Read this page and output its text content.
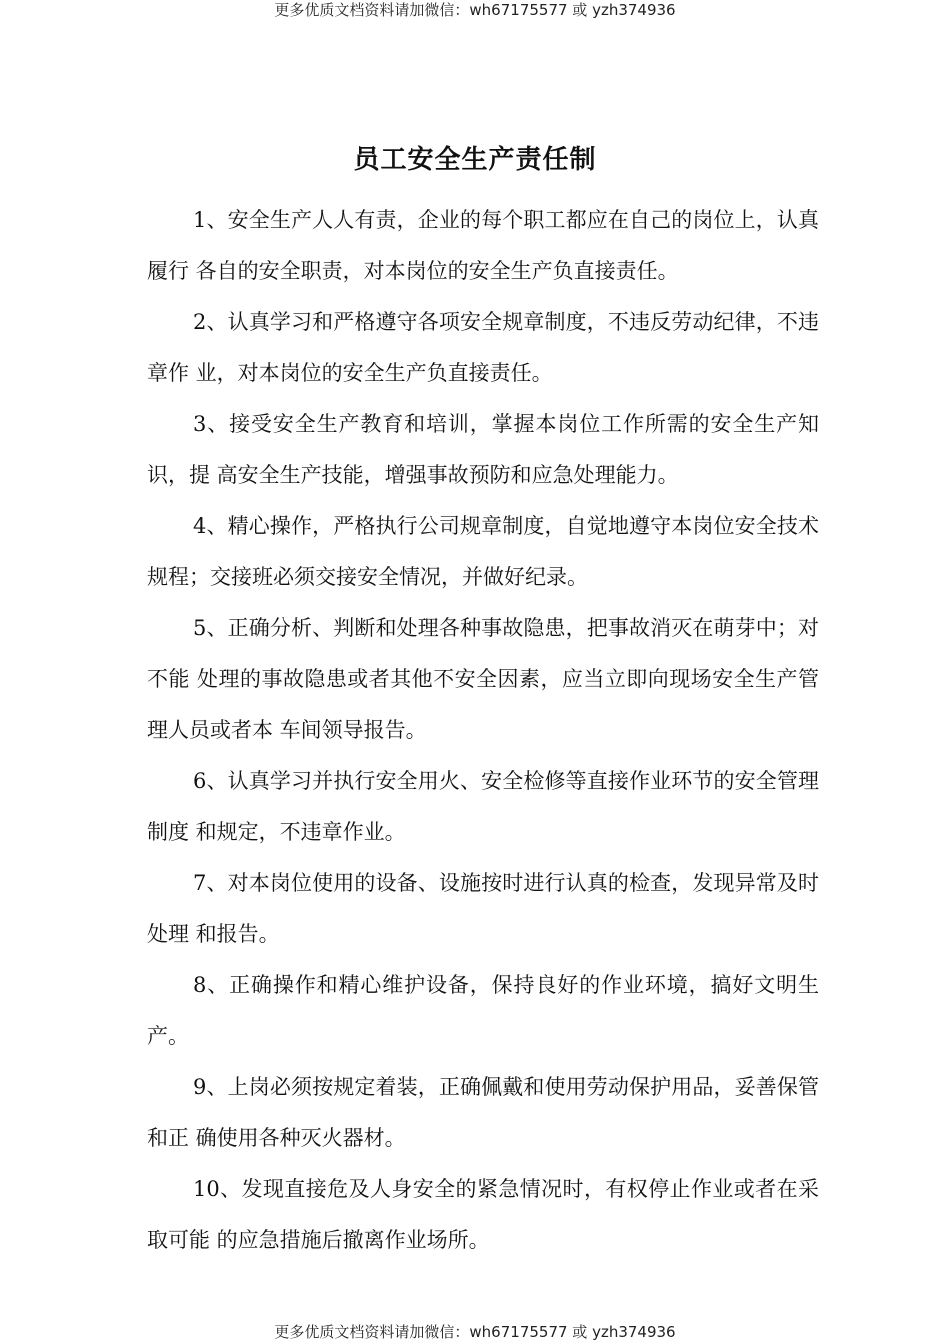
更多优质文档资料请加微信：wh67175577 或 yzh374936
员工安全生产责任制

1、安全生产人人有责，企业的每个职工都应在自己的岗位上，认真履行 各自的安全职责，对本岗位的安全生产负直接责任。

2、认真学习和严格遵守各项安全规章制度，不违反劳动纪律，不违章作 业，对本岗位的安全生产负直接责任。

3、接受安全生产教育和培训，掌握本岗位工作所需的安全生产知识，提 高安全生产技能，增强事故预防和应急处理能力。

4、精心操作，严格执行公司规章制度，自觉地遵守本岗位安全技术规程；交接班必须交接安全情况，并做好纪录。

5、正确分析、判断和处理各种事故隐患，把事故消灭在萌芽中；对不能 处理的事故隐患或者其他不安全因素，应当立即向现场安全生产管理人员或者本 车间领导报告。

6、认真学习并执行安全用火、安全检修等直接作业环节的安全管理制度 和规定，不违章作业。

7、对本岗位使用的设备、设施按时进行认真的检查，发现异常及时处理 和报告。

8、正确操作和精心维护设备，保持良好的作业环境，搞好文明生产。

9、上岗必须按规定着装，正确佩戴和使用劳动保护用品，妥善保管和正 确使用各种灭火器材。

10、发现直接危及人身安全的紧急情况时，有权停止作业或者在采取可能 的应急措施后撤离作业场所。

更多优质文档资料请加微信：wh67175577 或 yzh374936
